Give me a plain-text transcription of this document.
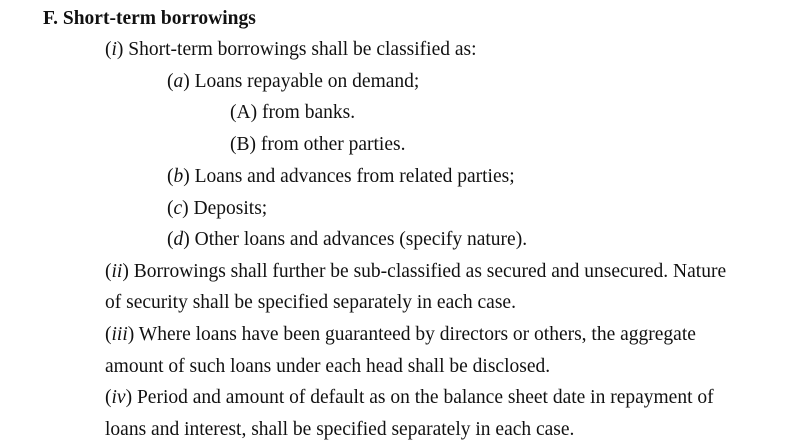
F. Short-term borrowings
(i) Short-term borrowings shall be classified as:
(a) Loans repayable on demand;
(A) from banks.
(B) from other parties.
(b) Loans and advances from related parties;
(c) Deposits;
(d) Other loans and advances (specify nature).
(ii) Borrowings shall further be sub-classified as secured and unsecured. Nature
of security shall be specified separately in each case.
(iii) Where loans have been guaranteed by directors or others, the aggregate
amount of such loans under each head shall be disclosed.
(iv) Period and amount of default as on the balance sheet date in repayment of
loans and interest, shall be specified separately in each case.
